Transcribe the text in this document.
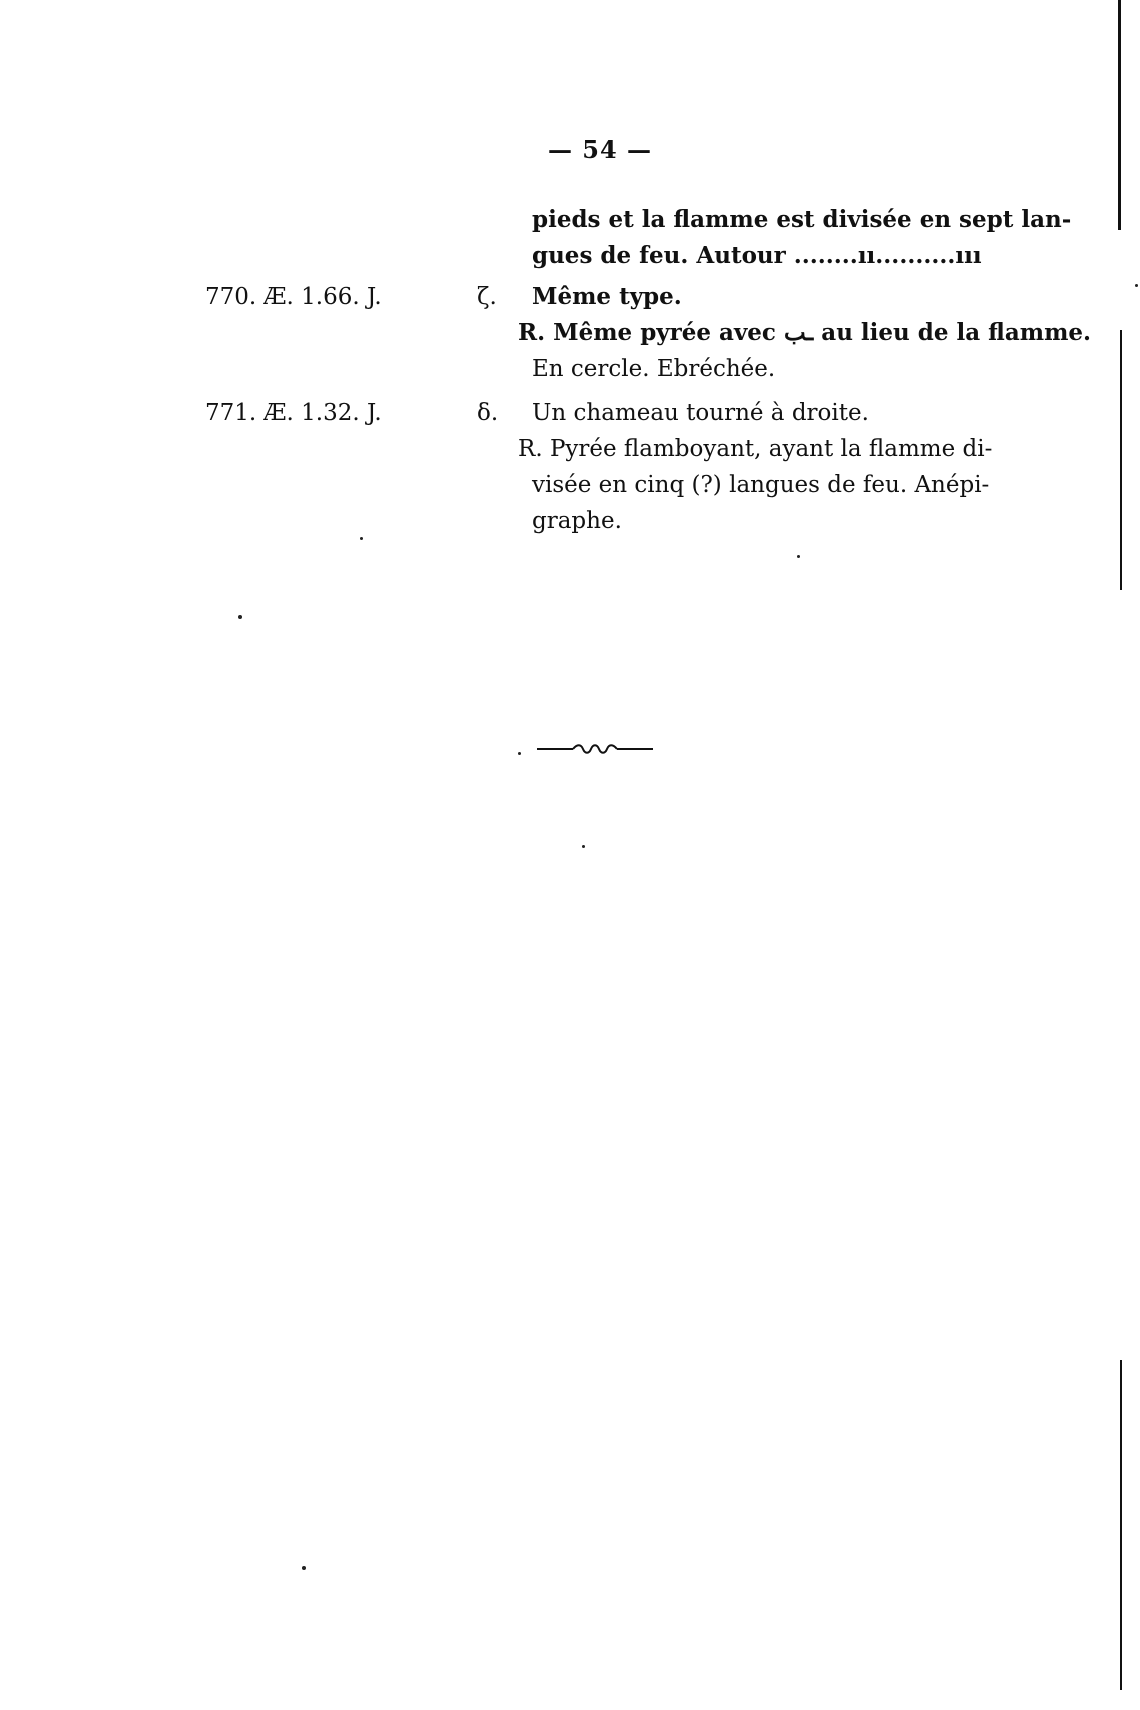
— 54 —
pieds et la flamme est divisée en sept lan-
gues de feu. Autour ........ıı..........ııı
770. Æ. 1.66. J.	ζ. Même type.
R. Même pyrée avec ـب au lieu de la flamme.
En cercle. Ebréchée.
771. Æ. 1.32. J.	δ. Un chameau tourné à droite.
R. Pyrée flamboyant, ayant la flamme di-
visée en cinq (?) langues de feu. Anépi-
graphe.
